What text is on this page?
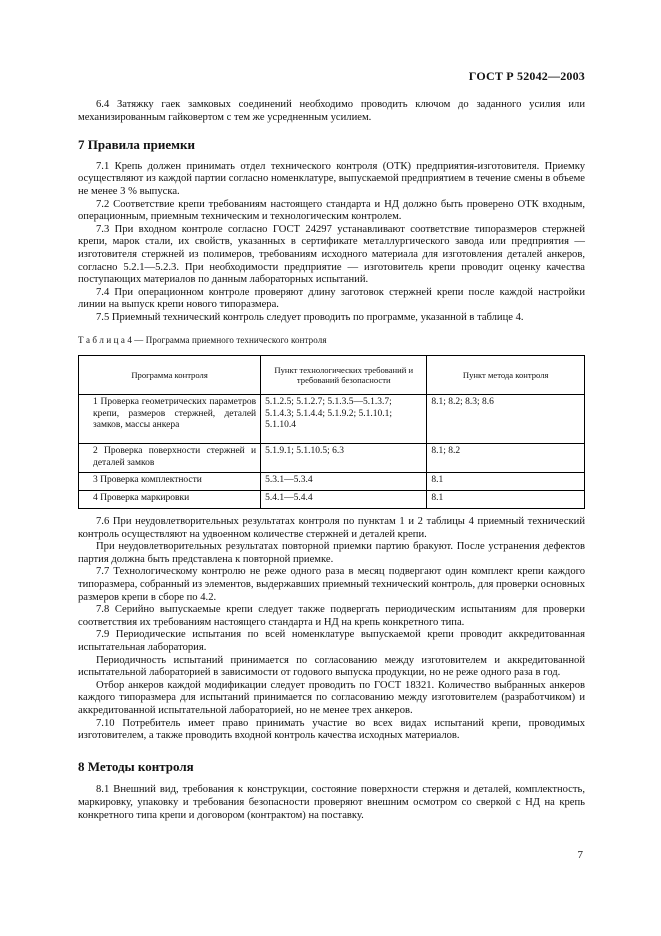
ГОСТ Р 52042—2003

6.4 Затяжку гаек замковых соединений необходимо проводить ключом до заданного усилия или механизированным гайковертом с тем же усредненным усилием.

7 Правила приемки

7.1 Крепь должен принимать отдел технического контроля (ОТК) предприятия-изготовителя. Приемку осуществляют из каждой партии согласно номенклатуре, выпускаемой предприятием в течение смены в объеме не менее 3 % выпуска.

7.2 Соответствие крепи требованиям настоящего стандарта и НД должно быть проверено ОТК входным, операционным, приемным техническим и технологическим контролем.

7.3 При входном контроле согласно ГОСТ 24297 устанавливают соответствие типоразмеров стержней крепи, марок стали, их свойств, указанных в сертификате металлургического завода или предприятия — изготовителя стержней из полимеров, требованиям исходного материала для изготовления деталей анкеров, согласно 5.2.1—5.2.3. При необходимости предприятие — изготовитель крепи проводит оценку качества поступающих материалов по данным лабораторных испытаний.

7.4 При операционном контроле проверяют длину заготовок стержней крепи после каждой настройки линии на выпуск крепи нового типоразмера.

7.5 Приемный технический контроль следует проводить по программе, указанной в таблице 4.

Т а б л и ц а 4 — Программа приемного технического контроля
Программа контроля	Пункт технологических требований и требований безопасности	Пункт метода контроля

1 Проверка геометрических параметров крепи, размеров стержней, деталей замков, массы анкера	5.1.2.5; 5.1.2.7; 5.1.3.5—5.1.3.7; 5.1.4.3; 5.1.4.4; 5.1.9.2; 5.1.10.1; 5.1.10.4	8.1; 8.2; 8.3; 8.6

2 Проверка поверхности стержней и деталей замков	5.1.9.1; 5.1.10.5; 6.3	8.1; 8.2

3 Проверка комплектности	5.3.1—5.3.4	8.1

4 Проверка маркировки	5.4.1—5.4.4	8.1

7.6 При неудовлетворительных результатах контроля по пунктам 1 и 2 таблицы 4 приемный технический контроль осуществляют на удвоенном количестве стержней и деталей крепи.

При неудовлетворительных результатах повторной приемки партию бракуют. После устранения дефектов партия должна быть представлена к повторной приемке.

7.7 Технологическому контролю не реже одного раза в месяц подвергают один комплект крепи каждого типоразмера, собранный из элементов, выдержавших приемный технический контроль, для проверки основных размеров крепи в сборе по 4.2.

7.8 Серийно выпускаемые крепи следует также подвергать периодическим испытаниям для проверки соответствия их требованиям настоящего стандарта и НД на крепь конкретного типа.

7.9 Периодические испытания по всей номенклатуре выпускаемой крепи проводит аккредитованная испытательная лаборатория.

Периодичность испытаний принимается по согласованию между изготовителем и аккредитованной испытательной лабораторией в зависимости от годового выпуска продукции, но не реже одного раза в год.

Отбор анкеров каждой модификации следует проводить по ГОСТ 18321. Количество выбранных анкеров каждого типоразмера для испытаний принимается по согласованию между изготовителем (разработчиком) и аккредитованной испытательной лабораторией, но не менее трех анкеров.

7.10 Потребитель имеет право принимать участие во всех видах испытаний крепи, проводимых изготовителем, а также проводить входной контроль качества исходных материалов.

8 Методы контроля

8.1 Внешний вид, требования к конструкции, состояние поверхности стержня и деталей, комплектность, маркировку, упаковку и требования безопасности проверяют внешним осмотром со сверкой с НД на крепь конкретного типа крепи и договором (контрактом) на поставку.

7
